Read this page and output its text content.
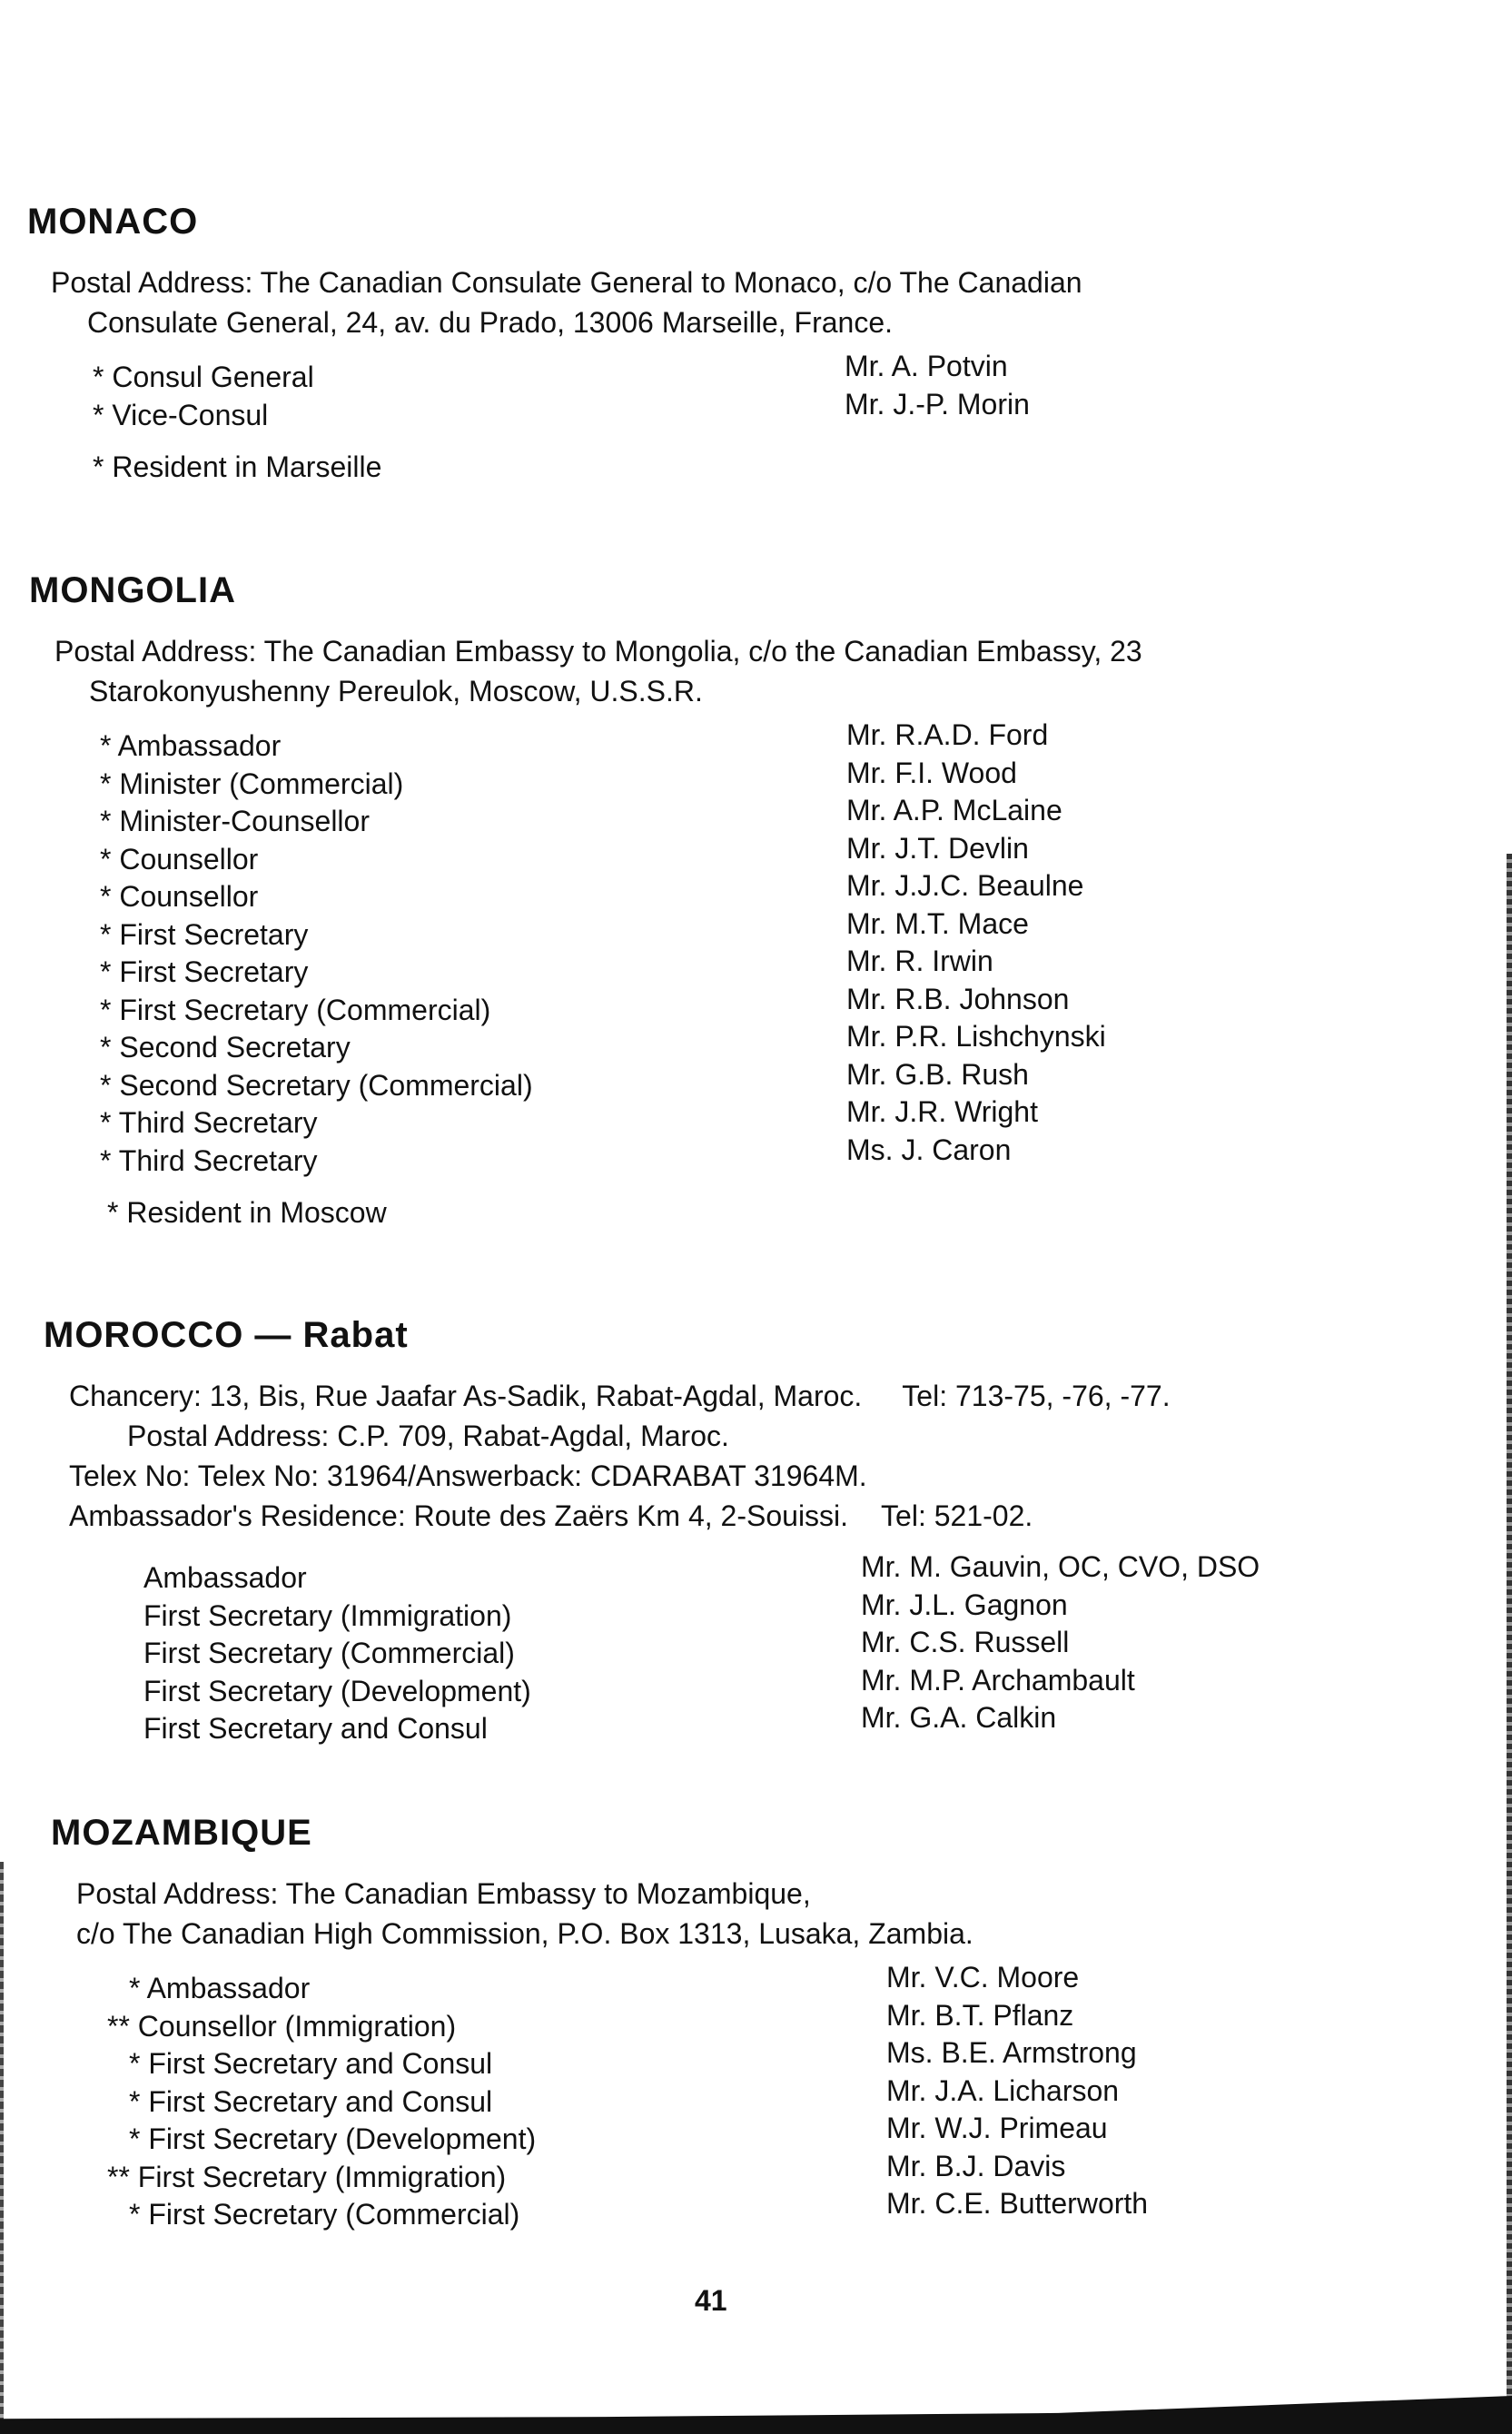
MONACO
Postal Address: The Canadian Consulate General to Monaco, c/o The Canadian
Consulate General, 24, av. du Prado, 13006 Marseille, France.
* Consul General
* Vice-Consul
Mr. A. Potvin
Mr. J.-P. Morin
* Resident in Marseille
MONGOLIA
Postal Address: The Canadian Embassy to Mongolia, c/o the Canadian Embassy, 23
Starokonyushenny Pereulok, Moscow, U.S.S.R.
* Ambassador
* Minister (Commercial)
* Minister-Counsellor
* Counsellor
* Counsellor
* First Secretary
* First Secretary
* First Secretary (Commercial)
* Second Secretary
* Second Secretary (Commercial)
* Third Secretary
* Third Secretary
Mr. R.A.D. Ford
Mr. F.I. Wood
Mr. A.P. McLaine
Mr. J.T. Devlin
Mr. J.J.C. Beaulne
Mr. M.T. Mace
Mr. R. Irwin
Mr. R.B. Johnson
Mr. P.R. Lishchynski
Mr. G.B. Rush
Mr. J.R. Wright
Ms. J. Caron
* Resident in Moscow
MOROCCO — Rabat
Chancery: 13, Bis, Rue Jaafar As-Sadik, Rabat-Agdal, Maroc. Tel: 713-75, -76, -77.
Postal Address: C.P. 709, Rabat-Agdal, Maroc.
Telex No: Telex No: 31964/Answerback: CDARABAT 31964M.
Ambassador's Residence: Route des Zaërs Km 4, 2-Souissi. Tel: 521-02.
Ambassador
First Secretary (Immigration)
First Secretary (Commercial)
First Secretary (Development)
First Secretary and Consul
Mr. M. Gauvin, OC, CVO, DSO
Mr. J.L. Gagnon
Mr. C.S. Russell
Mr. M.P. Archambault
Mr. G.A. Calkin
MOZAMBIQUE
Postal Address: The Canadian Embassy to Mozambique,
c/o The Canadian High Commission, P.O. Box 1313, Lusaka, Zambia.
* Ambassador
** Counsellor (Immigration)
* First Secretary and Consul
* First Secretary and Consul
* First Secretary (Development)
** First Secretary (Immigration)
* First Secretary (Commercial)
Mr. V.C. Moore
Mr. B.T. Pflanz
Ms. B.E. Armstrong
Mr. J.A. Licharson
Mr. W.J. Primeau
Mr. B.J. Davis
Mr. C.E. Butterworth
41
